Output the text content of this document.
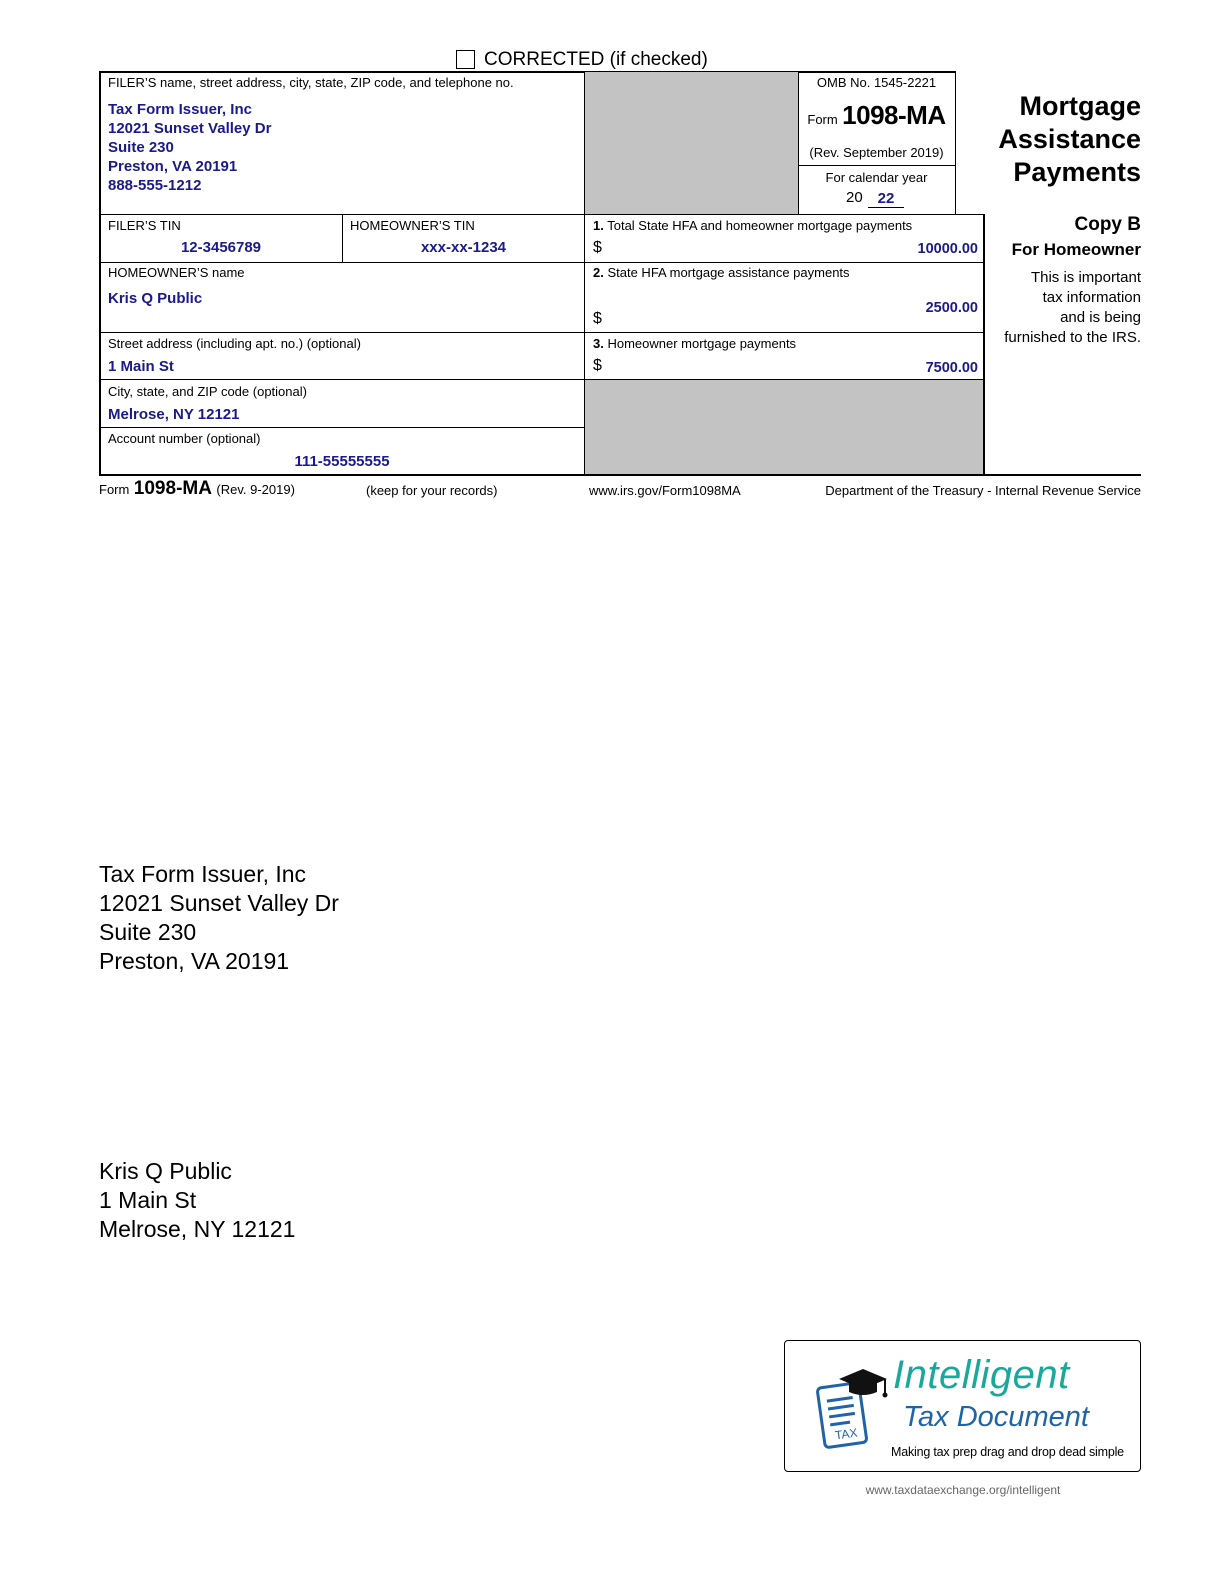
CORRECTED (if checked)
FILER’S name, street address, city, state, ZIP code, and telephone no.
Tax Form Issuer, Inc
12021 Sunset Valley Dr
Suite 230
Preston, VA 20191
888-555-1212
OMB No. 1545-2221
Form 1098-MA
(Rev. September 2019)
For calendar year
20 22
Mortgage
Assistance
Payments
Copy B
For Homeowner
This is important
tax information
and is being
furnished to the IRS.
FILER’S TIN
12-3456789
HOMEOWNER’S TIN
xxx-xx-1234
HOMEOWNER’S name
Kris Q Public
Street address (including apt. no.) (optional)
1 Main St
City, state, and ZIP code (optional)
Melrose, NY 12121
Account number (optional)
111-55555555
1. Total State HFA and homeowner mortgage payments
$	10000.00
2. State HFA mortgage assistance payments
2500.00
$
3. Homeowner mortgage payments
$	7500.00
Form 1098-MA (Rev. 9-2019)	(keep for your records)	www.irs.gov/Form1098MA	Department of the Treasury - Internal Revenue Service
Tax Form Issuer, Inc
12021 Sunset Valley Dr
Suite 230
Preston, VA 20191
Kris Q Public
1 Main St
Melrose, NY 12121
TAX
Intelligent
Tax Document
Making tax prep drag and drop dead simple
www.taxdataexchange.org/intelligent
